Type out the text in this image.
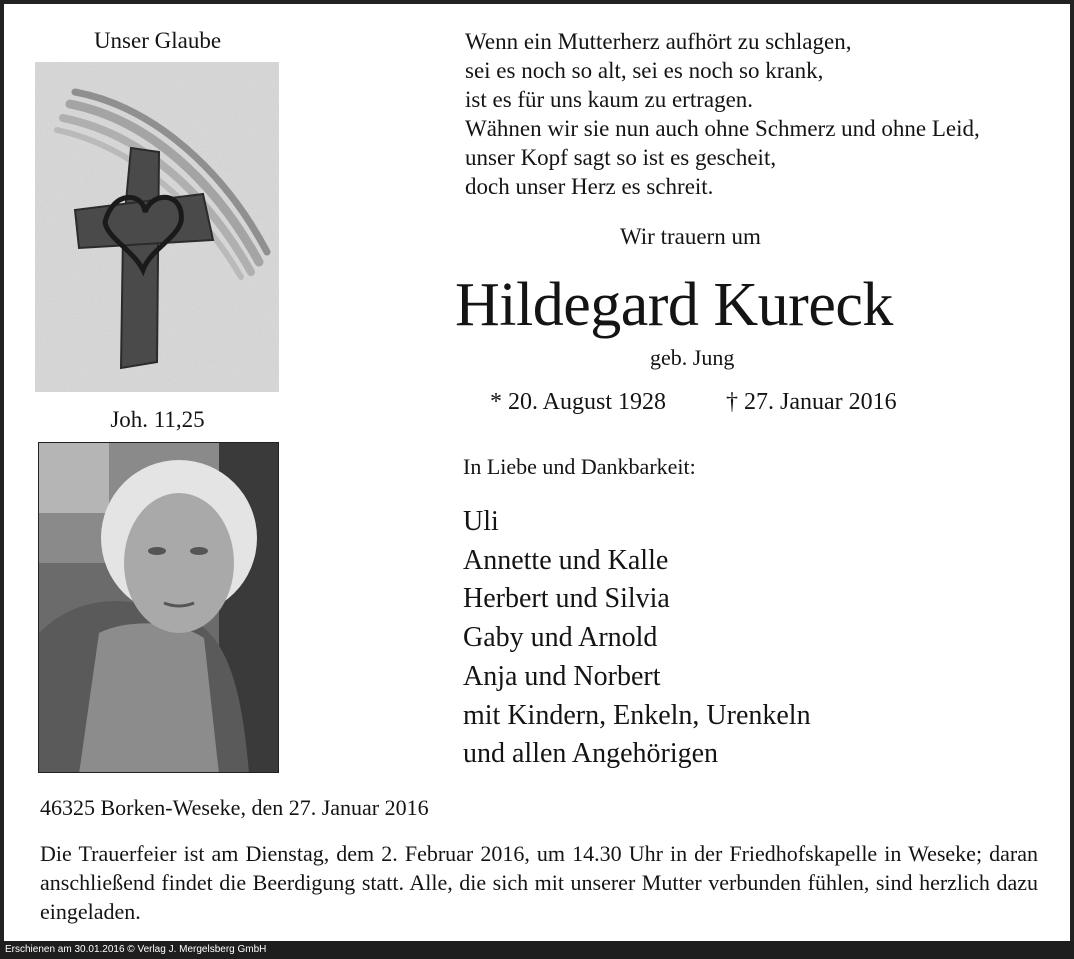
Unser Glaube
Joh. 11,25
Wenn ein Mutterherz aufhört zu schlagen,
sei es noch so alt, sei es noch so krank,
ist es für uns kaum zu ertragen.
Wähnen wir sie nun auch ohne Schmerz und ohne Leid,
unser Kopf sagt so ist es gescheit,
doch unser Herz es schreit.
Wir trauern um
Hildegard Kureck
geb. Jung
* 20. August 1928 † 27. Januar 2016
In Liebe und Dankbarkeit:
Uli
Annette und Kalle
Herbert und Silvia
Gaby und Arnold
Anja und Norbert
mit Kindern, Enkeln, Urenkeln
und allen Angehörigen
46325 Borken-Weseke, den 27. Januar 2016
Die Trauerfeier ist am Dienstag, dem 2. Februar 2016, um 14.30 Uhr in der Friedhofskapelle in Weseke; daran anschließend findet die Beerdigung statt. Alle, die sich mit unserer Mutter verbunden fühlen, sind herzlich dazu eingeladen.
Erschienen am 30.01.2016 © Verlag J. Mergelsberg GmbH
